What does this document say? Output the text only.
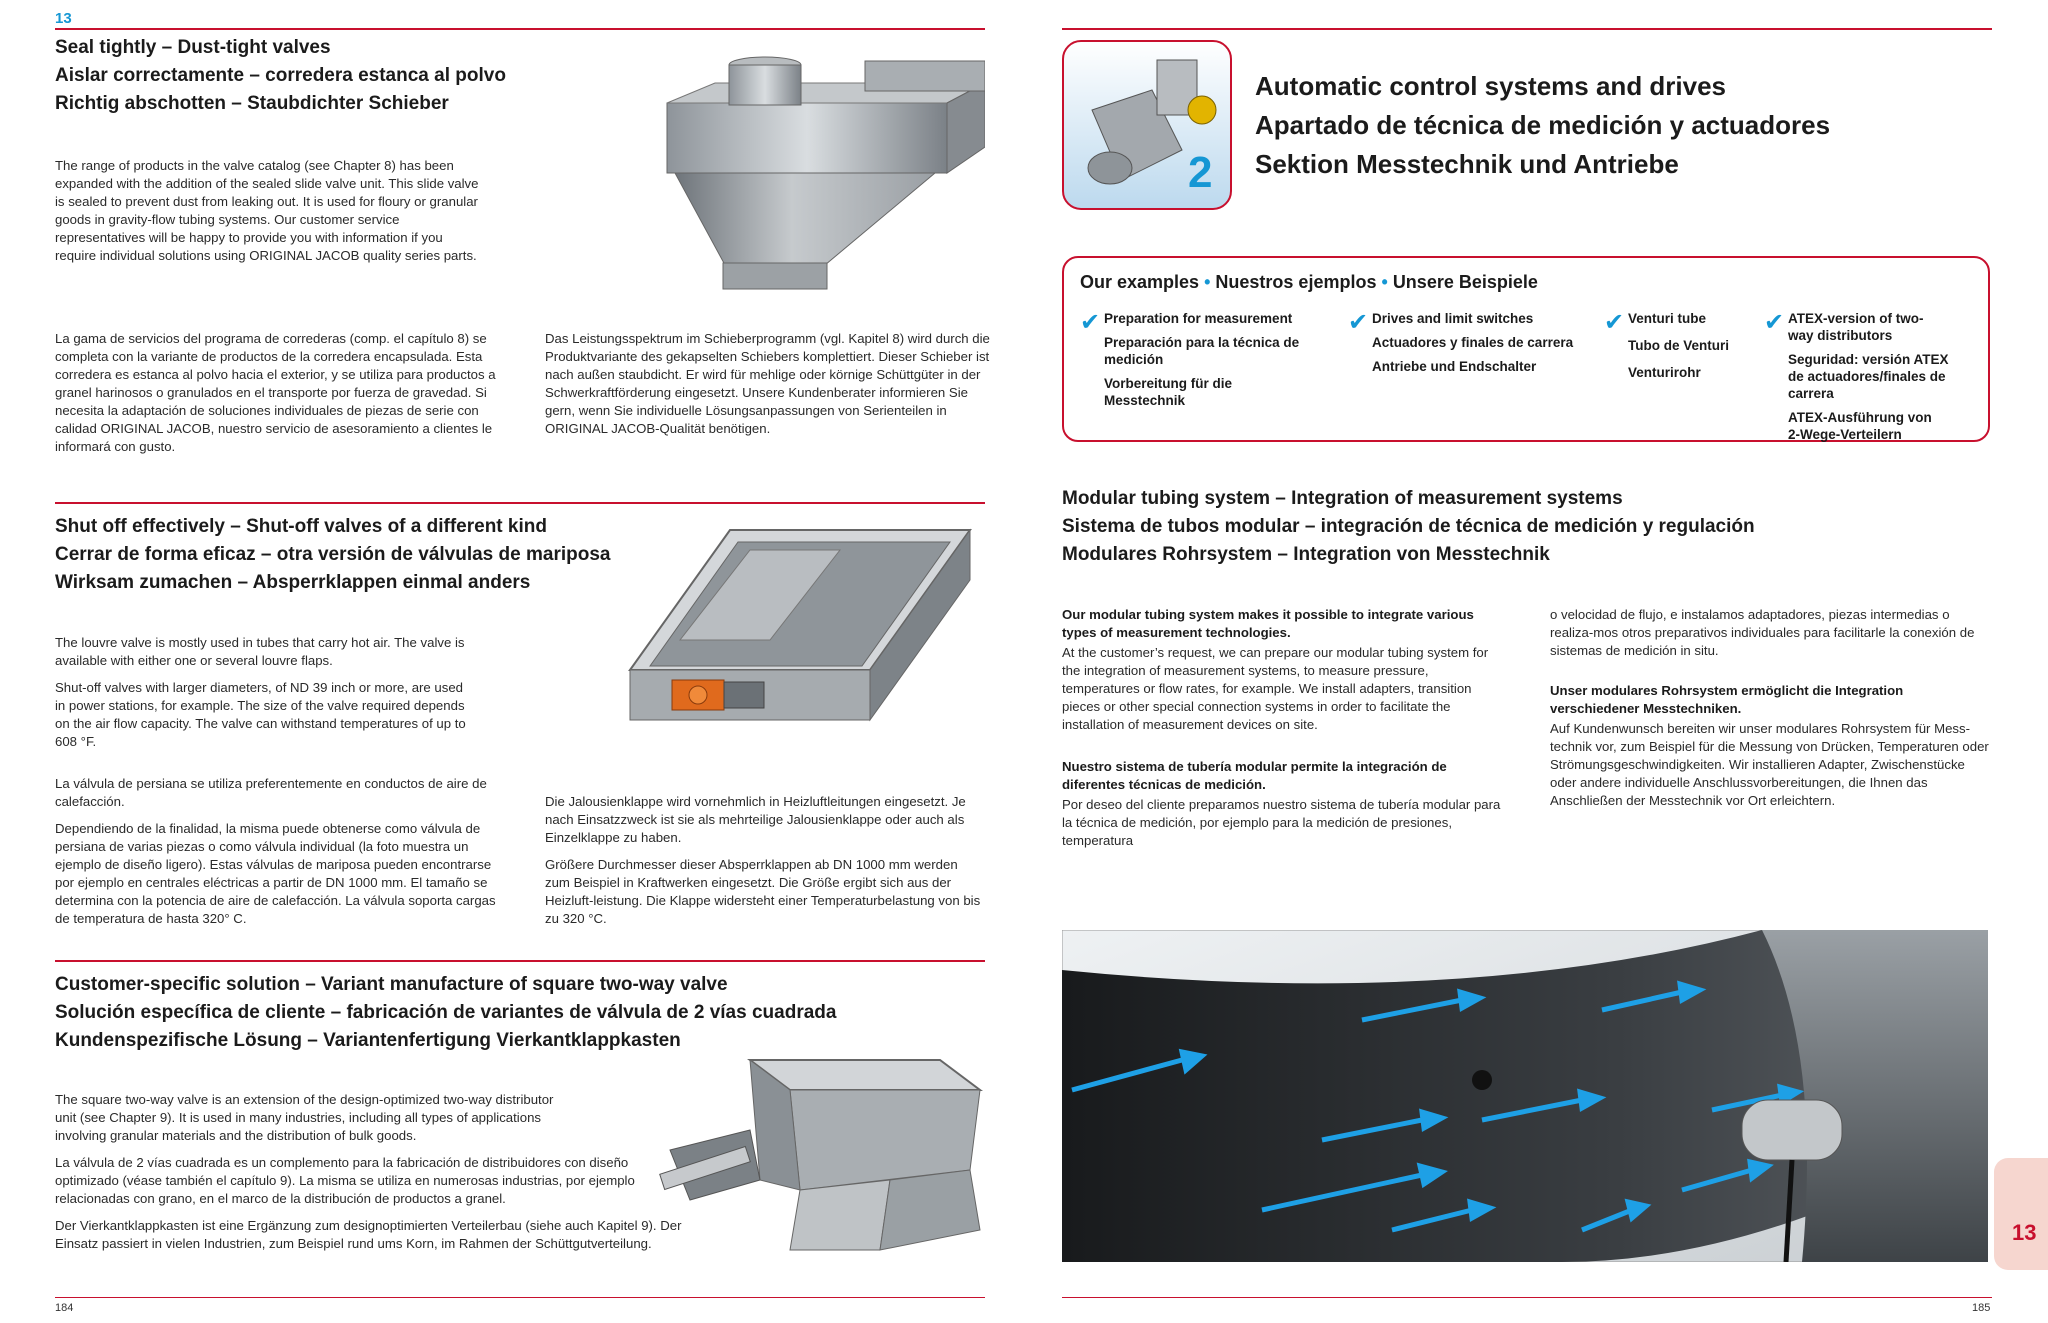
13
Seal tightly – Dust-tight valves
Aislar correctamente – corredera estanca al polvo
Richtig abschotten – Staubdichter Schieber

The range of products in the valve catalog (see Chapter 8) has been expanded with the addition of the sealed slide valve unit. This slide valve is sealed to prevent dust from leaking out. It is used for floury or granular goods in gravity-flow tubing systems. Our customer service representatives will be happy to provide you with information if you require individual solutions using ORIGINAL JACOB quality series parts.

La gama de servicios del programa de correderas (comp. el capítulo 8) se completa con la variante de productos de la corredera encapsulada. Esta corredera es estanca al polvo hacia el exterior, y se utiliza para productos a granel harinosos o granulados en el transporte por fuerza de gravedad. Si necesita la adaptación de soluciones individuales de piezas de serie con calidad ORIGINAL JACOB, nuestro servicio de asesoramiento a clientes le informará con gusto.

Das Leistungsspektrum im Schieberprogramm (vgl. Kapitel 8) wird durch die Produktvariante des gekapselten Schiebers komplettiert. Dieser Schieber ist nach außen staubdicht. Er wird für mehlige oder körnige Schüttgüter in der Schwerkraftförderung eingesetzt. Unsere Kundenberater informieren Sie gern, wenn Sie individuelle Lösungsanpassungen von Serienteilen in ORIGINAL JACOB-Qualität benötigen.

Shut off effectively – Shut-off valves of a different kind
Cerrar de forma eficaz – otra versión de válvulas de mariposa
Wirksam zumachen – Absperrklappen einmal anders

The louvre valve is mostly used in tubes that carry hot air. The valve is available with either one or several louvre flaps.

Shut-off valves with larger diameters, of ND 39 inch or more, are used in power stations, for example. The size of the valve required depends on the air flow capacity. The valve can withstand temperatures of up to 608 °F.

La válvula de persiana se utiliza preferentemente en conductos de aire de calefacción.

Dependiendo de la finalidad, la misma puede obtenerse como válvula de persiana de varias piezas o como válvula individual (la foto muestra un ejemplo de diseño ligero). Estas válvulas de mariposa pueden encontrarse por ejemplo en centrales eléctricas a partir de DN 1000 mm. El tamaño se determina con la potencia de aire de calefacción. La válvula soporta cargas de temperatura de hasta 320° C.

Die Jalousienklappe wird vornehmlich in Heizluftleitungen eingesetzt. Je nach Einsatzzweck ist sie als mehrteilige Jalousienklappe oder auch als Einzelklappe zu haben.

Größere Durchmesser dieser Absperrklappen ab DN 1000 mm werden zum Beispiel in Kraftwerken eingesetzt. Die Größe ergibt sich aus der Heizluft-leistung. Die Klappe widersteht einer Temperaturbelastung von bis zu 320 °C.

Customer-specific solution – Variant manufacture of square two-way valve
Solución específica de cliente – fabricación de variantes de válvula de 2 vías cuadrada
Kundenspezifische Lösung – Variantenfertigung Vierkantklappkasten

The square two-way valve is an extension of the design-optimized two-way distributor unit (see Chapter 9). It is used in many industries, including all types of applications involving granular materials and the distribution of bulk goods.

La válvula de 2 vías cuadrada es un complemento para la fabricación de distribuidores con diseño optimizado (véase también el capítulo 9). La misma se utiliza en numerosas industrias, por ejemplo relacionadas con grano, en el marco de la distribución de productos a granel.

Der Vierkantklappkasten ist eine Ergänzung zum designoptimierten Verteilerbau (siehe auch Kapitel 9). Der Einsatz passiert in vielen Industrien, zum Beispiel rund ums Korn, im Rahmen der Schüttgutverteilung.

184
2
Automatic control systems and drives
Apartado de técnica de medición y actuadores
Sektion Messtechnik und Antriebe
Our examples • Nuestros ejemplos • Unsere Beispiele
✔ Preparation for measurement
Preparación para la técnica de medición
Vorbereitung für die Messtechnik
✔ Drives and limit switches
Actuadores y finales de carrera
Antriebe und Endschalter
✔ Venturi tube
Tubo de Venturi
Venturirohr
✔ ATEX-version of two-way distributors
Seguridad: versión ATEX de actuadores/finales de carrera
ATEX-Ausführung von 2-Wege-Verteilern
Modular tubing system – Integration of measurement systems
Sistema de tubos modular – integración de técnica de medición y regulación
Modulares Rohrsystem – Integration von Messtechnik

Our modular tubing system makes it possible to integrate various types of measurement technologies.

At the customer’s request, we can prepare our modular tubing system for the integration of measurement systems, to measure pressure, temperatures or flow rates, for example. We install adapters, transition pieces or other special connection systems in order to facilitate the installation of measurement devices on site.

Nuestro sistema de tubería modular permite la integración de diferentes técnicas de medición.

Por deseo del cliente preparamos nuestro sistema de tubería modular para la técnica de medición, por ejemplo para la medición de presiones, temperatura

o velocidad de flujo, e instalamos adaptadores, piezas intermedias o realiza-mos otros preparativos individuales para facilitarle la conexión de sistemas de medición in situ.

Unser modulares Rohrsystem ermöglicht die Integration verschiedener Messtechniken.

Auf Kundenwunsch bereiten wir unser modulares Rohrsystem für Mess-technik vor, zum Beispiel für die Messung von Drücken, Temperaturen oder Strömungsgeschwindigkeiten. Wir installieren Adapter, Zwischenstücke oder andere individuelle Anschlussvorbereitungen, die Ihnen das Anschließen der Messtechnik vor Ort erleichtern.

13
185
